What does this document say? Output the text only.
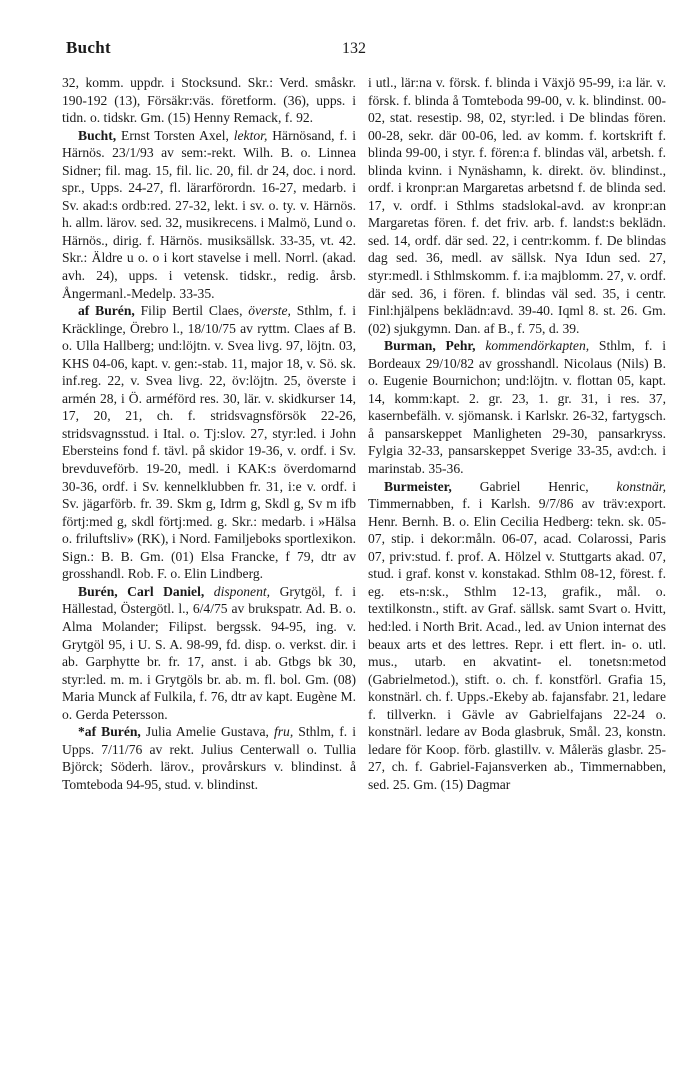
Bucht	132

32, komm. uppdr. i Stocksund. Skr.: Verd. småskr. 190-192 (13), Försäkr:väs. företform. (36), upps. i tidn. o. tidskr. Gm. (15) Henny Remack, f. 92.

Bucht, Ernst Torsten Axel, lektor, Härnösand, f. i Härnös. 23/1/93 av sem:-rekt. Wilh. B. o. Linnea Sidner; fil. mag. 15, fil. lic. 20, fil. dr 24, doc. i nord. spr., Upps. 24-27, fl. lärarförordn. 16-27, medarb. i Sv. akad:s ordb:red. 27-32, lekt. i sv. o. ty. v. Härnös. h. allm. lärov. sed. 32, musikrecens. i Malmö, Lund o. Härnös., dirig. f. Härnös. musiksällsk. 33-35, vt. 42. Skr.: Äldre u o. o i kort stavelse i mell. Norrl. (akad. avh. 24), upps. i vetensk. tidskr., redig. årsb. Ångermanl.-Medelp. 33-35.

af Burén, Filip Bertil Claes, överste, Sthlm, f. i Kräcklinge, Örebro l., 18/10/75 av ryttm. Claes af B. o. Ulla Hallberg; und:löjtn. v. Svea livg. 97, löjtn. 03, KHS 04-06, kapt. v. gen:-stab. 11, major 18, v. Sö. sk. inf.reg. 22, v. Svea livg. 22, öv:löjtn. 25, överste i armén 28, i Ö. arméförd res. 30, lär. v. skidkurser 14, 17, 20, 21, ch. f. stridsvagnsförsök 22-26, stridsvagnsstud. i Ital. o. Tj:slov. 27, styr:led. i John Ebersteins fond f. tävl. på skidor 19-36, v. ordf. i Sv. brevduveförb. 19-20, medl. i KAK:s överdomarnd 30-36, ordf. i Sv. kennelklubben fr. 31, i:e v. ordf. i Sv. jägarförb. fr. 39. Skm g, Idrm g, Skdl g, Sv m ifb förtj:med g, skdl förtj:med. g. Skr.: medarb. i »Hälsa o. friluftsliv» (RK), i Nord. Familjeboks sportlexikon. Sign.: B. B. Gm. (01) Elsa Francke, f 79, dtr av grosshandl. Rob. F. o. Elin Lindberg.

Burén, Carl Daniel, disponent, Grytgöl, f. i Hällestad, Östergötl. l., 6/4/75 av brukspatr. Ad. B. o. Alma Molander; Filipst. bergssk. 94-95, ing. v. Grytgöl 95, i U. S. A. 98-99, fd. disp. o. verkst. dir. i ab. Garphytte br. fr. 17, anst. i ab. Gtbgs bk 30, styr:led. m. m. i Grytgöls br. ab. m. fl. bol. Gm. (08) Maria Munck af Fulkila, f. 76, dtr av kapt. Eugène M. o. Gerda Petersson.

*af Burén, Julia Amelie Gustava, fru, Sthlm, f. i Upps. 7/11/76 av rekt. Julius Centerwall o. Tullia Björck; Söderh. lärov., provårskurs v. blindinst. å Tomteboda 94-95, stud. v. blindinst.

i utl., lär:na v. försk. f. blinda i Växjö 95-99, i:a lär. v. försk. f. blinda å Tomteboda 99-00, v. k. blindinst. 00-02, stat. resestip. 98, 02, styr:led. i De blindas fören. 00-28, sekr. där 00-06, led. av komm. f. kortskrift f. blinda 99-00, i styr. f. fören:a f. blindas väl, arbetsh. f. blinda kvinn. i Nynäshamn, k. direkt. öv. blindinst., ordf. i kronpr:an Margaretas arbetsnd f. de blinda sed. 17, v. ordf. i Sthlms stadslokal-avd. av kronpr:an Margaretas fören. f. det friv. arb. f. landst:s beklädn. sed. 14, ordf. där sed. 22, i centr:komm. f. De blindas dag sed. 36, medl. av sällsk. Nya Idun sed. 27, styr:medl. i Sthlmskomm. f. i:a majblomm. 27, v. ordf. där sed. 36, i fören. f. blindas väl sed. 35, i centr. Finl:hjälpens beklädn:avd. 39-40. Iqml 8. st. 26. Gm. (02) sjukgymn. Dan. af B., f. 75, d. 39.

Burman, Pehr, kommendörkapten, Sthlm, f. i Bordeaux 29/10/82 av grosshandl. Nicolaus (Nils) B. o. Eugenie Bournichon; und:löjtn. v. flottan 05, kapt. 14, komm:kapt. 2. gr. 23, 1. gr. 31, i res. 37, kasernbefälh. v. sjömansk. i Karlskr. 26-32, fartygsch. å pansarskeppet Manligheten 29-30, pansarkryss. Fylgia 32-33, pansarskeppet Sverige 33-35, avd:ch. i marinstab. 35-36.

Burmeister, Gabriel Henric, konstnär, Timmernabben, f. i Karlsh. 9/7/86 av träv:export. Henr. Bernh. B. o. Elin Cecilia Hedberg: tekn. sk. 05-07, stip. i dekor:måln. 06-07, acad. Colarossi, Paris 07, priv:stud. f. prof. A. Hölzel v. Stuttgarts akad. 07, stud. i graf. konst v. konstakad. Sthlm 08-12, förest. f. eg. ets-n:sk., Sthlm 12-13, grafik., mål. o. textilkonstn., stift. av Graf. sällsk. samt Svart o. Hvitt, hed:led. i North Brit. Acad., led. av Union internat des beaux arts et des lettres. Repr. i ett flert. in- o. utl. mus., utarb. en akvatint- el. tonetsn:metod (Gabrielmetod.), stift. o. ch. f. konstförl. Grafia 15, konstnärl. ch. f. Upps.-Ekeby ab. fajansfabr. 21, ledare f. tillverkn. i Gävle av Gabrielfajans 22-24 o. konstnärl. ledare av Boda glasbruk, Smål. 23, konstn. ledare för Koop. förb. glastillv. v. Måleräs glasbr. 25-27, ch. f. Gabriel-Fajansverken ab., Timmernabben, sed. 25. Gm. (15) Dagmar
